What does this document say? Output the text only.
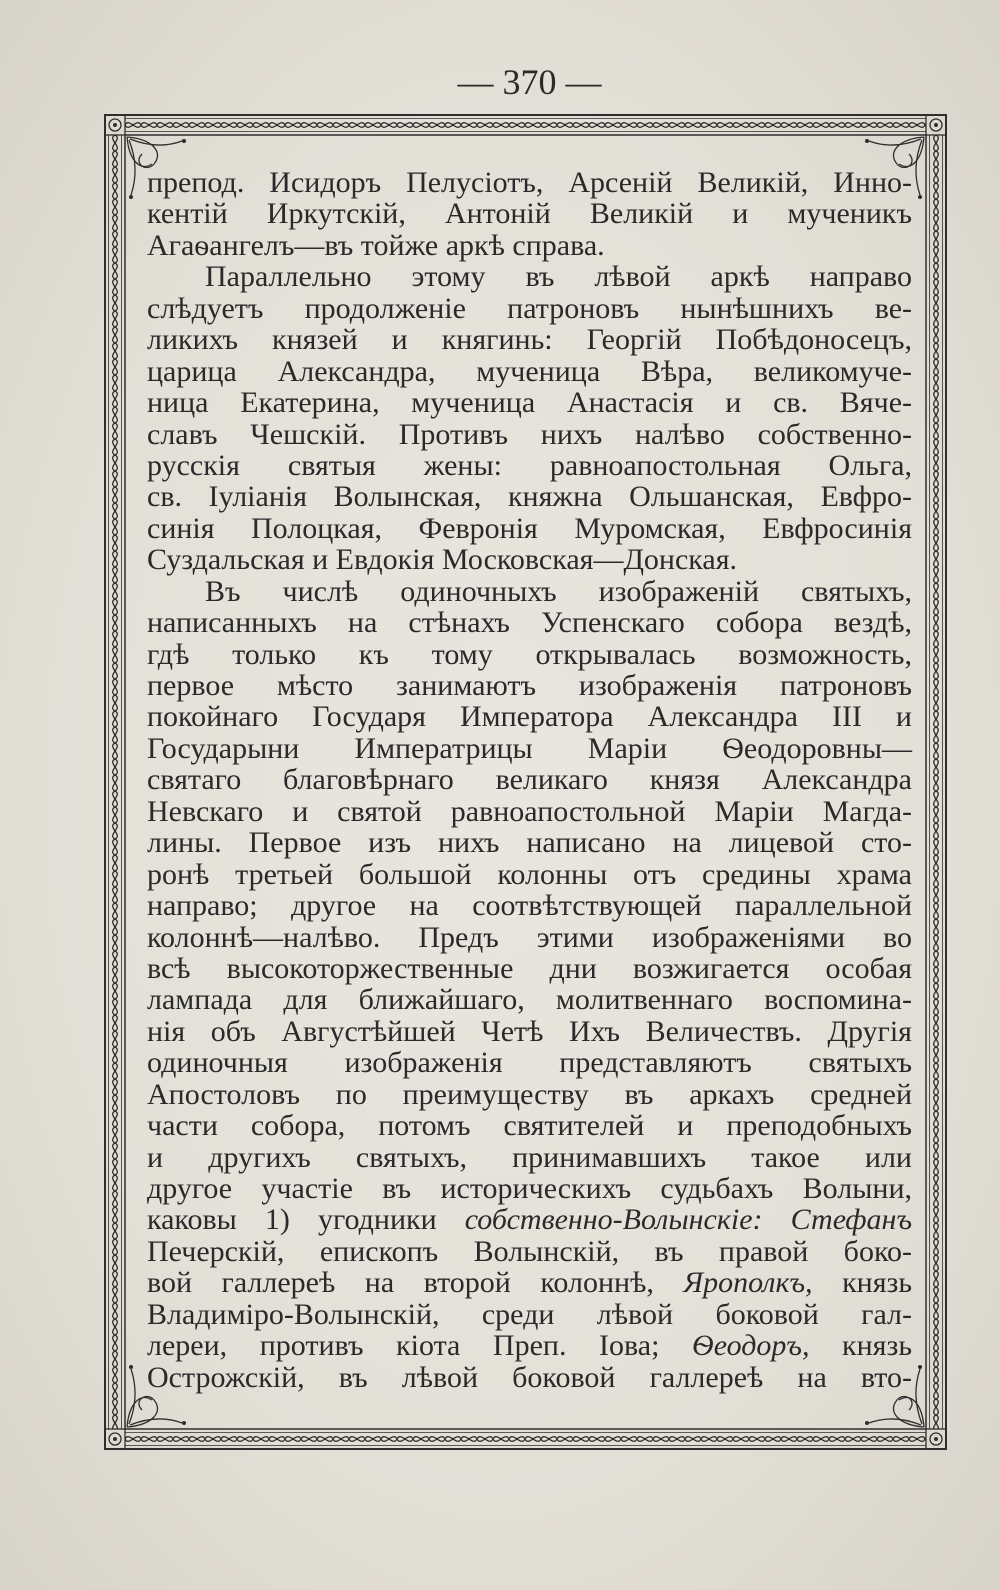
— 370 —
препод. Исидоръ Пелусіотъ, Арсеній Великій, Инно-
кентій Иркутскій, Антоній Великій и мученикъ
Агаѳангелъ—въ тойже аркѣ справа.
Параллельно этому въ лѣвой аркѣ направо
слѣдуетъ продолженіе патроновъ нынѣшнихъ ве-
ликихъ князей и княгинь: Георгій Побѣдоносецъ,
царица Александра, мученица Вѣра, великомуче-
ница Екатерина, мученица Анастасія и св. Вяче-
славъ Чешскій. Противъ нихъ налѣво собственно-
русскія святыя жены: равноапостольная Ольга,
св. Іуліанія Волынская, княжна Ольшанская, Евфро-
синія Полоцкая, Февронія Муромская, Евфросинія
Суздальская и Евдокія Московская—Донская.
Въ числѣ одиночныхъ изображеній святыхъ,
написанныхъ на стѣнахъ Успенскаго собора вездѣ,
гдѣ только къ тому открывалась возможность,
первое мѣсто занимаютъ изображенія патроновъ
покойнаго Государя Императора Александра III и
Государыни Императрицы Маріи Ѳеодоровны—
святаго благовѣрнаго великаго князя Александра
Невскаго и святой равноапостольной Маріи Магда-
лины. Первое изъ нихъ написано на лицевой сто-
ронѣ третьей большой колонны отъ средины храма
направо; другое на соотвѣтствующей параллельной
колоннѣ—налѣво. Предъ этими изображеніями во
всѣ высокоторжественные дни возжигается особая
лампада для ближайшаго, молитвеннаго воспомина-
нія объ Августѣйшей Четѣ Ихъ Величествъ. Другія
одиночныя изображенія представляютъ святыхъ
Апостоловъ по преимуществу въ аркахъ средней
части собора, потомъ святителей и преподобныхъ
и другихъ святыхъ, принимавшихъ такое или
другое участіе въ историческихъ судьбахъ Волыни,
каковы 1) угодники собственно-Волынскіе: Стефанъ
Печерскій, епископъ Волынскій, въ правой боко-
вой галлереѣ на второй колоннѣ, Ярополкъ, князь
Владиміро-Волынскій, среди лѣвой боковой гал-
лереи, противъ кіота Преп. Іова; Ѳеодоръ, князь
Острожскій, въ лѣвой боковой галлереѣ на вто-
